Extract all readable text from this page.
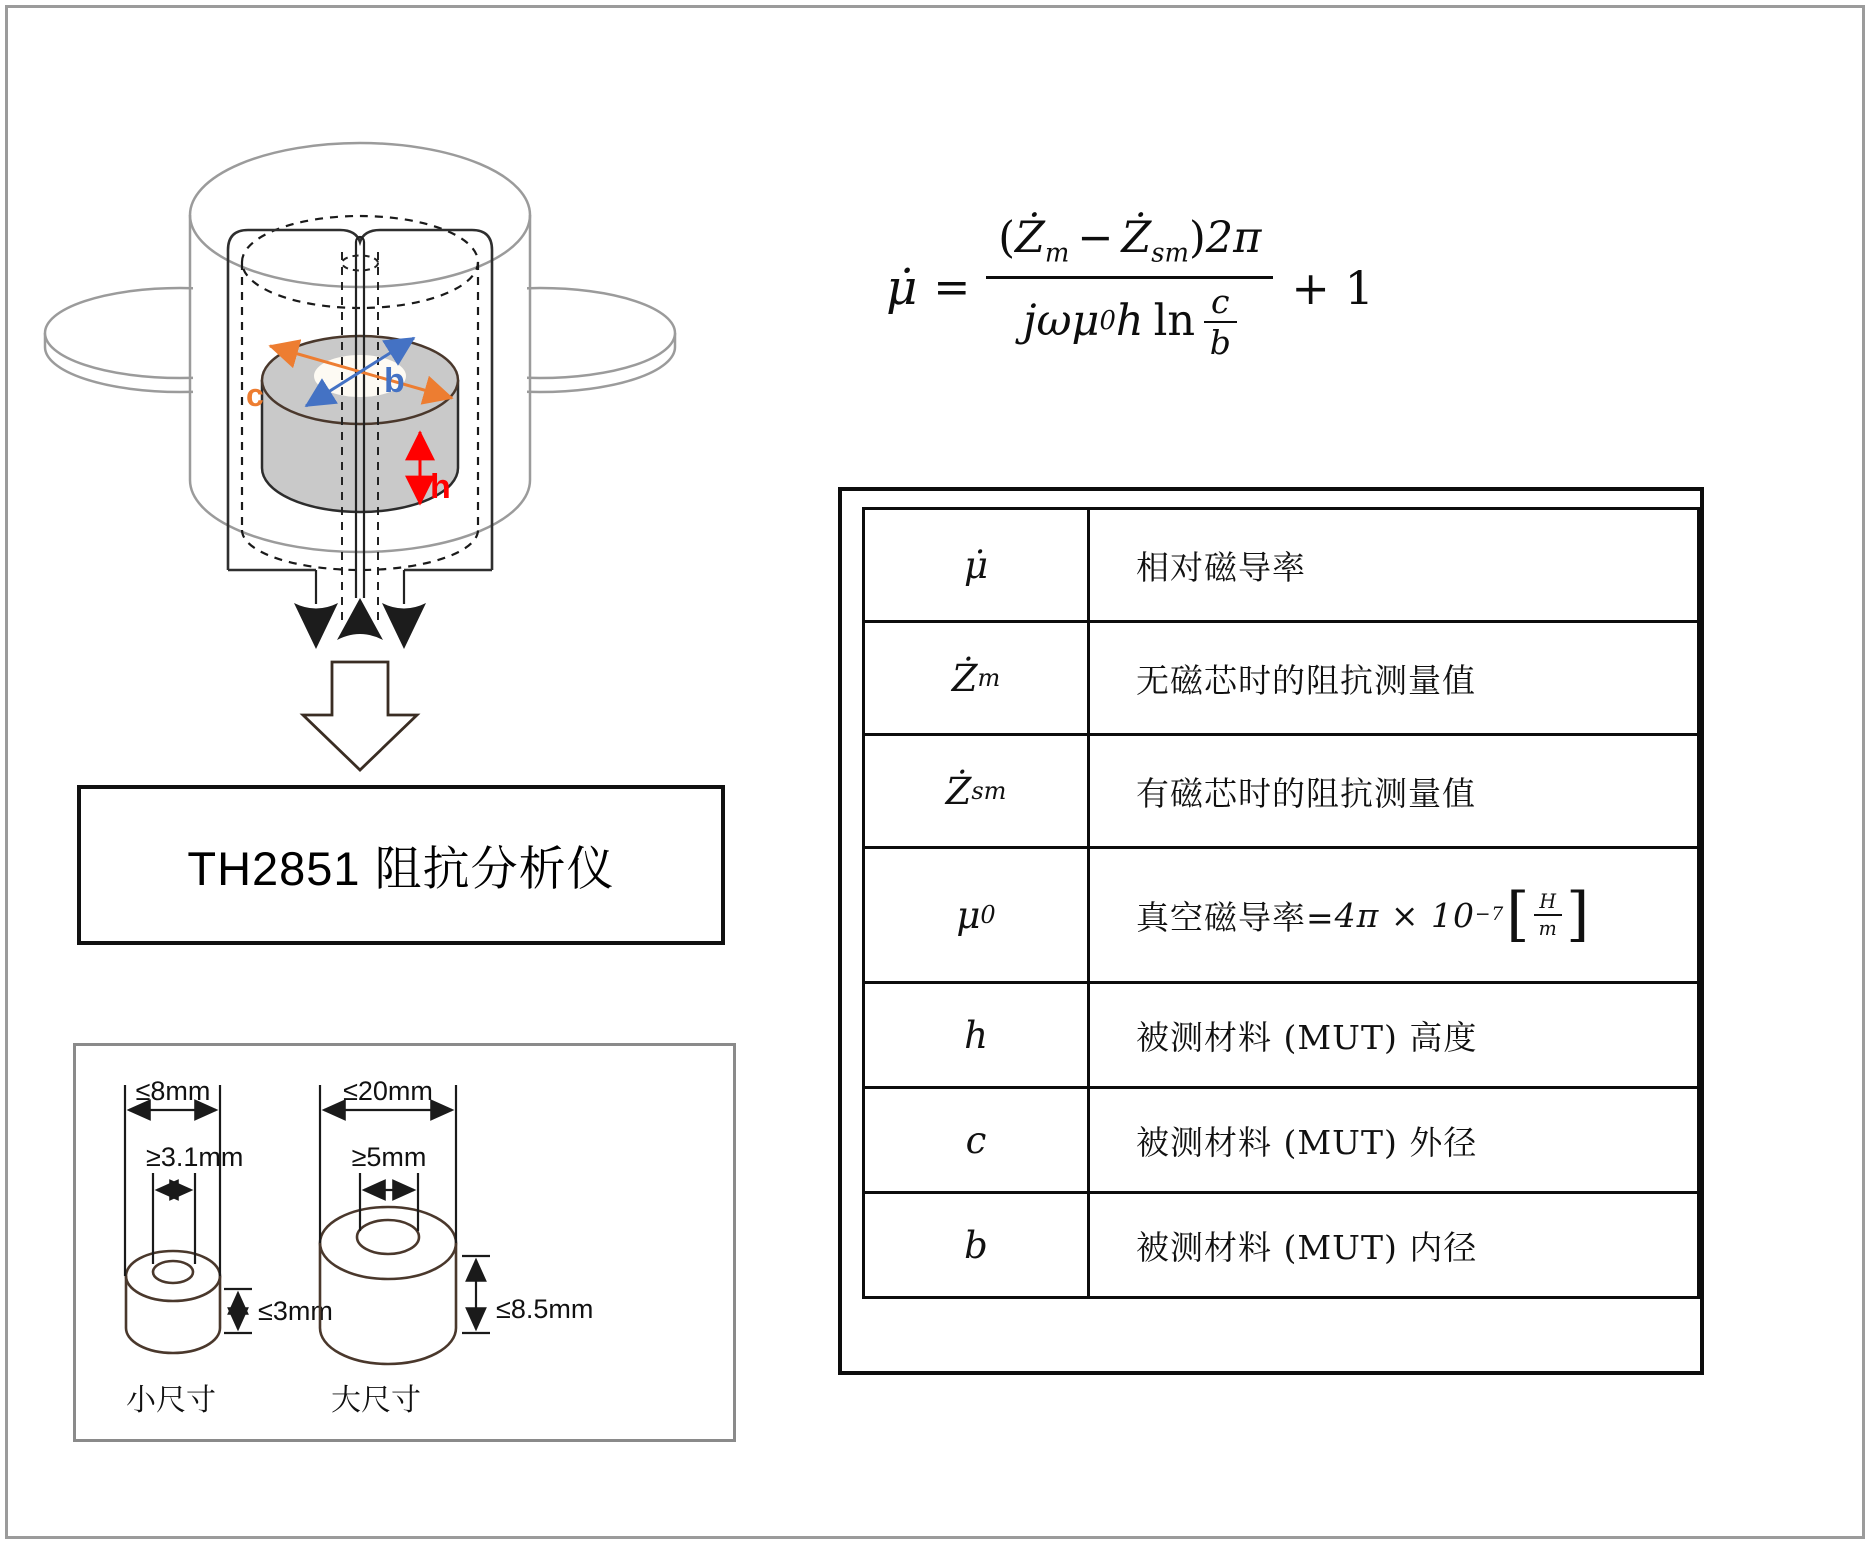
c	b
h
TH2851 阻抗分析仪
≤8mm
≥3.1mm
≤3mm
小尺寸
≤20mm
≥5mm
≤8.5mm
大尺寸
μ̇ = ($Ż_m$ − $Ż_{sm})2\pi$
jω μ 0 h ln c
b + 1
μ̇	相对磁导率
Ż m	无磁芯时的阻抗测量值
Ż sm	有磁芯时的阻抗测量值
μ 0	真空磁导率= 4π × 10 −7 [ H
m ]
h	被测材料 (MUT) 高度
c	被测材料 (MUT) 外径
b	被测材料 (MUT) 内径
